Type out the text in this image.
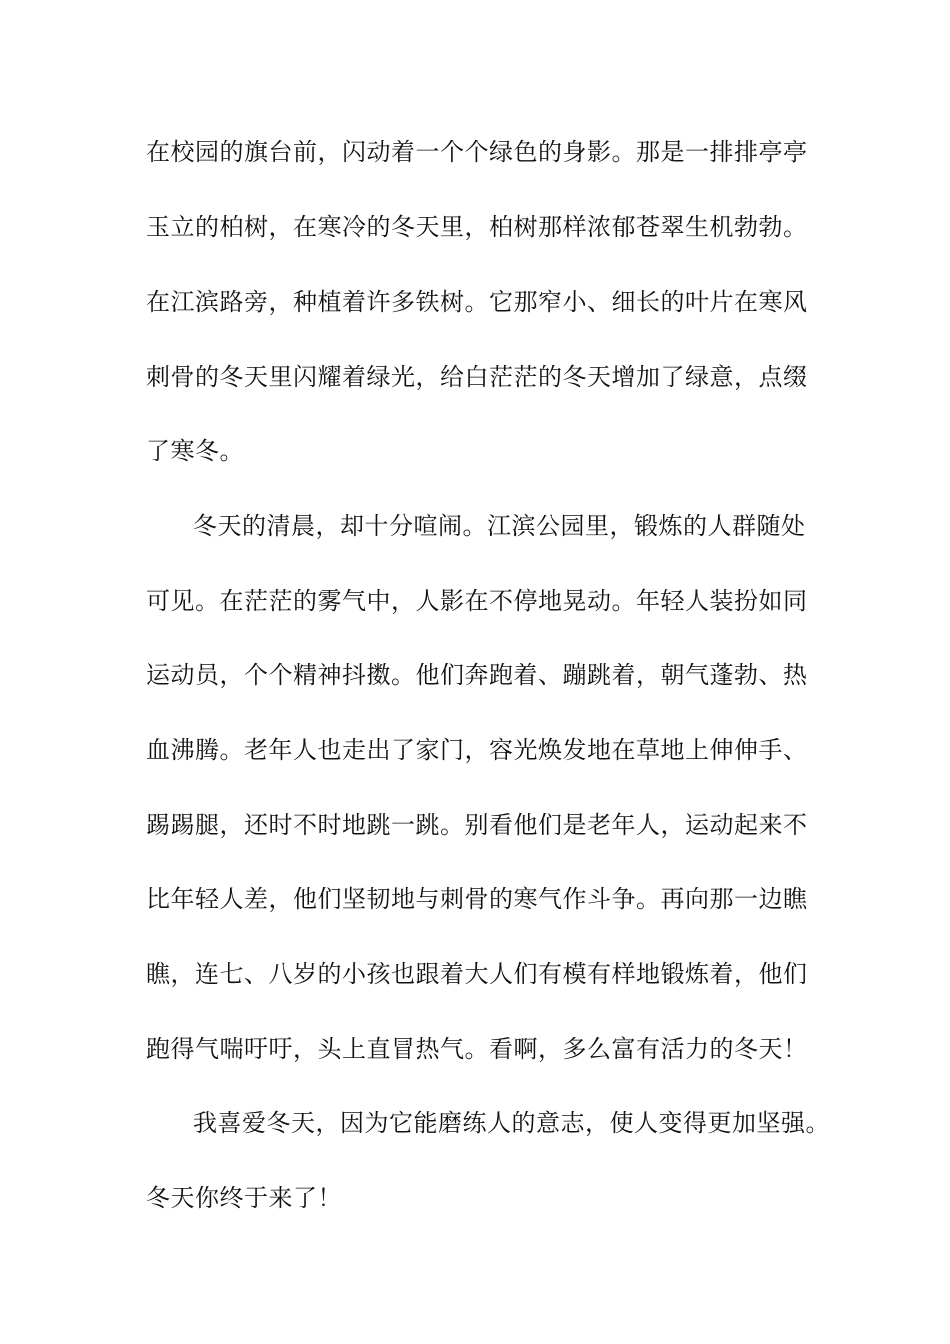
在校园的旗台前，闪动着一个个绿色的身影。那是一排排亭亭
玉立的柏树，在寒冷的冬天里，柏树那样浓郁苍翠生机勃勃。
在江滨路旁，种植着许多铁树。它那窄小、细长的叶片在寒风
刺骨的冬天里闪耀着绿光，给白茫茫的冬天增加了绿意，点缀
了寒冬。
冬天的清晨，却十分喧闹。江滨公园里，锻炼的人群随处
可见。在茫茫的雾气中，人影在不停地晃动。年轻人装扮如同
运动员，个个精神抖擞。他们奔跑着、蹦跳着，朝气蓬勃、热
血沸腾。老年人也走出了家门，容光焕发地在草地上伸伸手、
踢踢腿，还时不时地跳一跳。别看他们是老年人，运动起来不
比年轻人差，他们坚韧地与刺骨的寒气作斗争。再向那一边瞧
瞧，连七、八岁的小孩也跟着大人们有模有样地锻炼着，他们
跑得气喘吁吁，头上直冒热气。看啊，多么富有活力的冬天！
我喜爱冬天，因为它能磨练人的意志，使人变得更加坚强。
冬天你终于来了！
